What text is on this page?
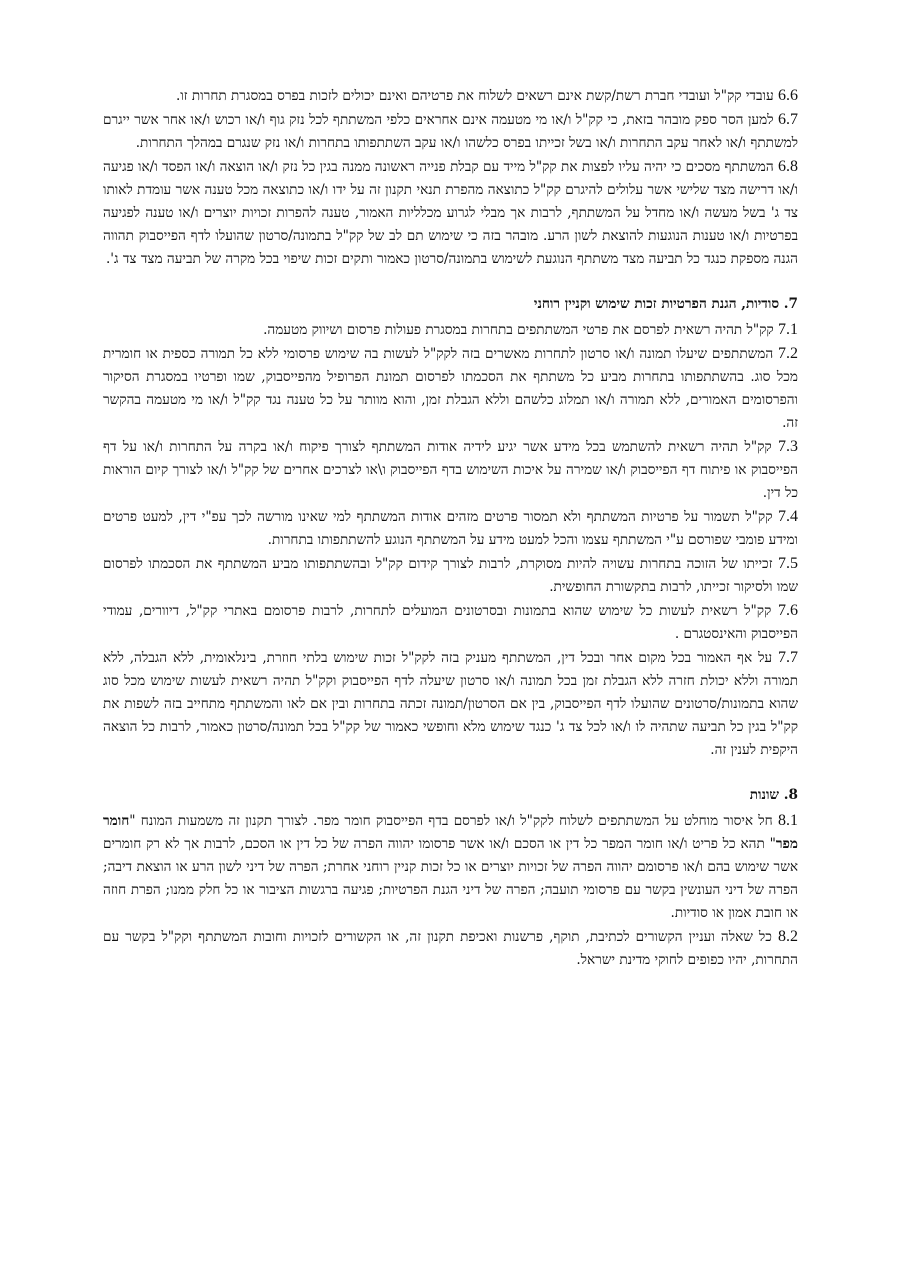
6.6 עובדי קק"ל ועובדי חברת רשת/קשת אינם רשאים לשלוח את פרטיהם ואינם יכולים לזכות בפרס במסגרת תחרות זו.

6.7 למען הסר ספק מובהר בזאת, כי קק"ל ו/או מי מטעמה אינם אחראים כלפי המשתתף לכל נזק גוף ו/או רכוש ו/או אחר אשר ייגרם למשתתף ו/או לאחר עקב התחרות ו/או בשל זכייתו בפרס כלשהו ו/או עקב השתתפותו בתחרות ו/או נזק שנגרם במהלך התחרות.

6.8 המשתתף מסכים כי יהיה עליו לפצות את קק"ל מייד עם קבלת פנייה ראשונה ממנה בגין כל נזק ו/או הוצאה ו/או הפסד ו/או פגיעה ו/או דרישה מצד שלישי אשר עלולים להיגרם קק"ל כתוצאה מהפרת תנאי תקנון זה על ידו ו/או כתוצאה מכל טענה אשר עומדת לאותו צד ג' בשל מעשה ו/או מחדל על המשתתף, לרבות אך מבלי לגרוע מכלליות האמור, טענה להפרות זכויות יוצרים ו/או טענה לפגיעה בפרטיות ו/או טענות הנוגעות להוצאת לשון הרע. מובהר בזה כי שימוש תם לב של קק"ל בתמונה/סרטון שהועלו לדף הפייסבוק תהווה הגנה מספקת כנגד כל תביעה מצד משתתף הנוגעת לשימוש בתמונה/סרטון כאמור ותקים זכות שיפוי בכל מקרה של תביעה מצד צד ג'.

7. סודיות, הגנת הפרטיות זכות שימוש וקניין רוחני

7.1 קק"ל תהיה רשאית לפרסם את פרטי המשתתפים בתחרות במסגרת פעולות פרסום ושיווק מטעמה.

7.2 המשתתפים שיעלו תמונה ו/או סרטון לתחרות מאשרים בזה לקק"ל לעשות בה שימוש פרסומי ללא כל תמורה כספית או חומרית מכל סוג. בהשתתפותו בתחרות מביע כל משתתף את הסכמתו לפרסום תמונת הפרופיל מהפייסבוק, שמו ופרטיו במסגרת הסיקור והפרסומים האמורים, ללא תמורה ו/או תמלוג כלשהם וללא הגבלת זמן, והוא מוותר על כל טענה נגד קק"ל ו/או מי מטעמה בהקשר זה.

7.3 קק"ל תהיה רשאית להשתמש בכל מידע אשר יגיע לידיה אודות המשתתף לצורך פיקוח ו/או בקרה על התחרות ו/או על דף הפייסבוק או פיתוח דף הפייסבוק ו/או שמירה על איכות השימוש בדף הפייסבוק ו\או לצרכים אחרים של קק"ל ו/או לצורך קיום הוראות כל דין.

7.4 קק"ל תשמור על פרטיות המשתתף ולא תמסור פרטים מזהים אודות המשתתף למי שאינו מורשה לכך עפ"י דין, למעט פרטים ומידע פומבי שפורסם ע"י המשתתף עצמו והכל למעט מידע על המשתתף הנוגע להשתתפותו בתחרות.

7.5 זכייתו של הזוכה בתחרות עשויה להיות מסוקרת, לרבות לצורך קידום קק"ל ובהשתתפותו מביע המשתתף את הסכמתו לפרסום שמו ולסיקור זכייתו, לרבות בתקשורת החופשית.

7.6 קק"ל רשאית לעשות כל שימוש שהוא בתמונות ובסרטונים המועלים לתחרות, לרבות פרסומם באתרי קק"ל, דיוורים, עמודי הפייסבוק והאינסטגרם .

7.7 על אף האמור בכל מקום אחר ובכל דין, המשתתף מעניק בזה לקק"ל זכות שימוש בלתי חוזרת, בינלאומית, ללא הגבלה, ללא תמורה וללא יכולת חזרה ללא הגבלת זמן בכל תמונה ו/או סרטון שיעלה לדף הפייסבוק וקק"ל תהיה רשאית לעשות שימוש מכל סוג שהוא בתמונות/סרטונים שהועלו לדף הפייסבוק, בין אם הסרטון/תמונה זכתה בתחרות ובין אם לאו והמשתתף מתחייב בזה לשפות את קק"ל בגין כל תביעה שתהיה לו ו/או לכל צד ג' כנגד שימוש מלא וחופשי כאמור של קק"ל בכל תמונה/סרטון כאמור, לרבות כל הוצאה היקפית לענין זה.

8. שונות

8.1 חל איסור מוחלט על המשתתפים לשלוח לקק"ל ו/או לפרסם בדף הפייסבוק חומר מפר. לצורך תקנון זה משמעות המונח "חומר מפר" תהא כל פריט ו/או חומר המפר כל דין או הסכם ו/או אשר פרסומו יהווה הפרה של כל דין או הסכם, לרבות אך לא רק חומרים אשר שימוש בהם ו/או פרסומם יהווה הפרה של זכויות יוצרים או כל זכות קניין רוחני אחרת; הפרה של דיני לשון הרע או הוצאת דיבה; הפרה של דיני העונשין בקשר עם פרסומי תועבה; הפרה של דיני הגנת הפרטיות; פגיעה ברגשות הציבור או כל חלק ממנו; הפרת חוזה או חובת אמון או סודיות.

8.2 כל שאלה ועניין הקשורים לכתיבת, תוקף, פרשנות ואכיפת תקנון זה, או הקשורים לזכויות וחובות המשתתף וקק"ל בקשר עם התחרות, יהיו כפופים לחוקי מדינת ישראל.
